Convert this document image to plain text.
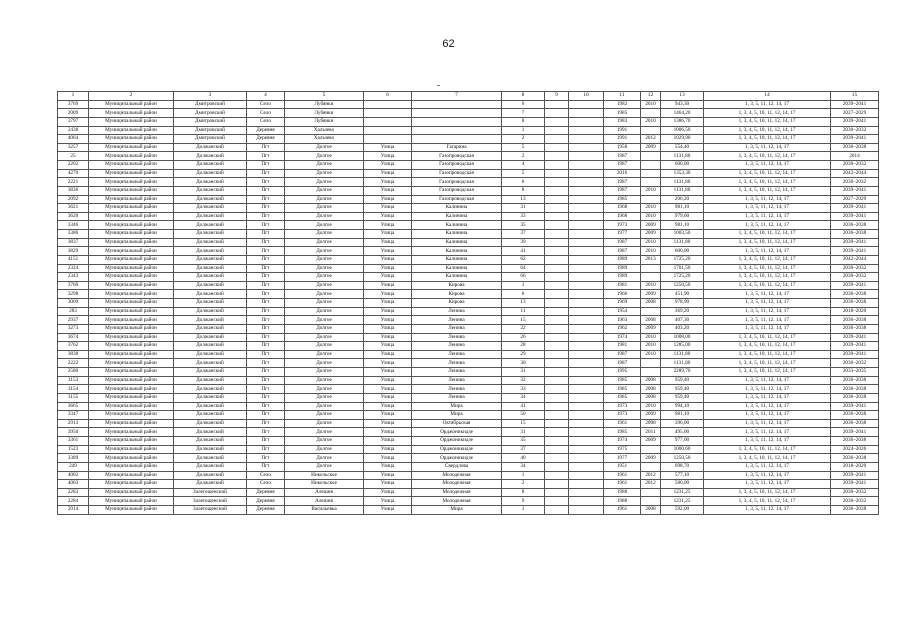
62
1	2	3	4	5	6	7	8	9	10	11	12	13	14	15
3769	Муниципальный район	Дмитровский	Село	Лубянки			6			1982	2010	943,30	1, 3, 5, 11, 12, 14, 17	2039–2041
2009	Муниципальный район	Дмитровский	Село	Лубянки			7			1985		1464,20	1, 3, 4, 5, 10, 11, 12, 14, 17	2027–2029
3797	Муниципальный район	Дмитровский	Село	Лубянки			8			1983	2010	1386,70	1, 3, 4, 5, 10, 11, 12, 14, 17	2039–2041
2438	Муниципальный район	Дмитровский	Деревня	Хальзево			1			1991		1006,50	1, 3, 4, 5, 10, 11, 12, 14, 17	2030–2032
4064	Муниципальный район	Дмитровский	Деревня	Хальзево			2			1991	2012	1029,90	1, 3, 4, 5, 10, 11, 12, 14, 17	2039–2041
3257	Муниципальный район	Должанский	Пгт	Долгое	Улица	Гагарина	5			1958	2009	554,40	1, 3, 5, 11, 12, 14, 17	2036–2038
25	Муниципальный район	Должанский	Пгт	Долгое	Улица	Газопроводская	2			1987		1131,80	1, 3, 4, 5, 10, 11, 12, 14, 17	2014
2202	Муниципальный район	Должанский	Пгт	Долгое	Улица	Газопроводская	4			1987		600,00	1, 3, 5, 11, 12, 14, 17	2030–2032
4270	Муниципальный район	Должанский	Пгт	Долгое	Улица	Газопроводская	5			2016		1353,30	1, 3, 4, 5, 10, 11, 12, 14, 17	2042–2044
2221	Муниципальный район	Должанский	Пгт	Долгое	Улица	Газопроводская	6			1987		1131,80	1, 3, 4, 5, 10, 11, 12, 14, 17	2030–2032
3836	Муниципальный район	Должанский	Пгт	Долгое	Улица	Газопроводская	8			1987	2010	1131,80	1, 3, 4, 5, 10, 11, 12, 14, 17	2039–2041
2092	Муниципальный район	Должанский	Пгт	Долгое	Улица	Газопроводская	13			1985		206,20	1, 3, 5, 11, 12, 14, 17	2027–2029
3621	Муниципальный район	Должанский	Пгт	Долгое	Улица	Калинина	31			1968	2010	981,10	1, 3, 5, 11, 12, 14, 17	2039–2041
3620	Муниципальный район	Должанский	Пгт	Долгое	Улица	Калинина	33			1968	2010	979,60	1, 3, 5, 11, 12, 14, 17	2039–2041
3346	Муниципальный район	Должанский	Пгт	Долгое	Улица	Калинина	35			1973	2009	981,10	1, 3, 5, 11, 12, 14, 17	2036–2038
3386	Муниципальный район	Должанский	Пгт	Долгое	Улица	Калинина	37			1977	2009	1003,50	1, 3, 4, 5, 10, 11, 12, 14, 17	2036–2038
3837	Муниципальный район	Должанский	Пгт	Долгое	Улица	Калинина	39			1987	2010	1131,80	1, 3, 4, 5, 10, 11, 12, 14, 17	2039–2041
3829	Муниципальный район	Должанский	Пгт	Долгое	Улица	Калинина	41			1987	2010	600,00	1, 3, 5, 11, 12, 14, 17	2039–2041
4151	Муниципальный район	Должанский	Пгт	Долгое	Улица	Калинина	62			1989	2013	1725,20	1, 3, 4, 5, 10, 11, 12, 14, 17	2042–2044
2324	Муниципальный район	Должанский	Пгт	Долгое	Улица	Калинина	64			1989		1701,50	1, 3, 4, 5, 10, 11, 12, 14, 17	2030–2032
2343	Муниципальный район	Должанский	Пгт	Долгое	Улица	Калинина	66			1989		1725,20	1, 3, 4, 5, 10, 11, 12, 14, 17	2030–2032
3760	Муниципальный район	Должанский	Пгт	Долгое	Улица	Кирова	1			1981	2010	1250,50	1, 3, 4, 5, 10, 11, 12, 14, 17	2039–2041
3298	Муниципальный район	Должанский	Пгт	Долгое	Улица	Кирова	6			1966	2009	451,90	1, 3, 5, 11, 12, 14, 17	2036–2038
3009	Муниципальный район	Должанский	Пгт	Долгое	Улица	Кирова	13			1969	2008	978,90	1, 3, 5, 11, 12, 14, 17	2036–2038
283	Муниципальный район	Должанский	Пгт	Долгое	Улица	Ленина	11			1954		369,20	1, 3, 5, 11, 12, 14, 17	2018–2020
2937	Муниципальный район	Должанский	Пгт	Долгое	Улица	Ленина	15			1963	2008	407,30	1, 3, 5, 11, 12, 14, 17	2036–2038
3273	Муниципальный район	Должанский	Пгт	Долгое	Улица	Ленина	22			1962	2009	403,20	1, 3, 5, 11, 12, 14, 17	2036–2038
3674	Муниципальный район	Должанский	Пгт	Долгое	Улица	Ленина	26			1974	2010	1008,00	1, 3, 4, 5, 10, 11, 12, 14, 17	2039–2041
3762	Муниципальный район	Должанский	Пгт	Долгое	Улица	Ленина	28			1981	2010	1285,00	1, 3, 4, 5, 10, 11, 12, 14, 17	2039–2041
3838	Муниципальный район	Должанский	Пгт	Долгое	Улица	Ленина	29			1987	2010	1131,80	1, 3, 4, 5, 10, 11, 12, 14, 17	2039–2041
2222	Муниципальный район	Должанский	Пгт	Долгое	Улица	Ленина	30			1987		1131,80	1, 3, 4, 5, 10, 11, 12, 14, 17	2030–2032
2580	Муниципальный район	Должанский	Пгт	Долгое	Улица	Ленина	31			1995		2289,70	1, 3, 4, 5, 10, 11, 12, 14, 17	2033–2035
3153	Муниципальный район	Должанский	Пгт	Долгое	Улица	Ленина	32			1985	2008	959,40	1, 3, 5, 11, 12, 14, 17	2036–2038
3154	Муниципальный район	Должанский	Пгт	Долгое	Улица	Ленина	33			1985	2008	959,40	1, 3, 5, 11, 12, 14, 17	2036–2038
3155	Муниципальный район	Должанский	Пгт	Долгое	Улица	Ленина	34			1985	2008	959,40	1, 3, 5, 11, 12, 14, 17	2036–2038
3665	Муниципальный район	Должанский	Пгт	Долгое	Улица	Мира	41			1973	2010	994,10	1, 3, 5, 11, 12, 14, 17	2039–2041
3347	Муниципальный район	Должанский	Пгт	Долгое	Улица	Мира	50			1973	2009	981,10	1, 3, 5, 11, 12, 14, 17	2036–2038
2913	Муниципальный район	Должанский	Пгт	Долгое	Улица	Октябрьская	15			1961	2008	396,00	1, 3, 5, 11, 12, 14, 17	2036–2038
3950	Муниципальный район	Должанский	Пгт	Долгое	Улица	Орджоникидзе	31			1985	2011	495,00	1, 3, 5, 11, 12, 14, 17	2039–2041
3361	Муниципальный район	Должанский	Пгт	Долгое	Улица	Орджоникидзе	35			1974	2009	977,00	1, 3, 5, 11, 12, 14, 17	2036–2038
1523	Муниципальный район	Должанский	Пгт	Долгое	Улица	Орджоникидзе	37			1975		1000,60	1, 3, 4, 5, 10, 11, 12, 14, 17	2024–2026
3389	Муниципальный район	Должанский	Пгт	Долгое	Улица	Орджоникидзе	40			1977	2009	1250,50	1, 3, 4, 5, 10, 11, 12, 14, 17	2036–2038
249	Муниципальный район	Должанский	Пгт	Долгое	Улица	Свердлова	34			1951		698,70	1, 3, 5, 11, 12, 14, 17	2018–2020
4002	Муниципальный район	Должанский	Село	Никольское	Улица	Молодежная	1			1961	2012	577,10	1, 3, 5, 11, 12, 14, 17	2039–2041
4003	Муниципальный район	Должанский	Село	Никольское	Улица	Молодежная	2			1961	2012	580,00	1, 3, 5, 11, 12, 14, 17	2039–2041
2283	Муниципальный район	Залегощенский	Деревня	Алешня	Улица	Молодежная	8			1988		1231,25	1, 3, 4, 5, 10, 11, 12, 14, 17	2030–2032
2284	Муниципальный район	Залегощенский	Деревня	Алешня	Улица	Молодежная	9			1988		1231,25	1, 3, 4, 5, 10, 11, 12, 14, 17	2030–2032
2914	Муниципальный район	Залегощенский	Деревня	Васильевка	Улица	Мира	1			1961	2008	592,00	1, 3, 5, 11, 12, 14, 17	2036–2038
